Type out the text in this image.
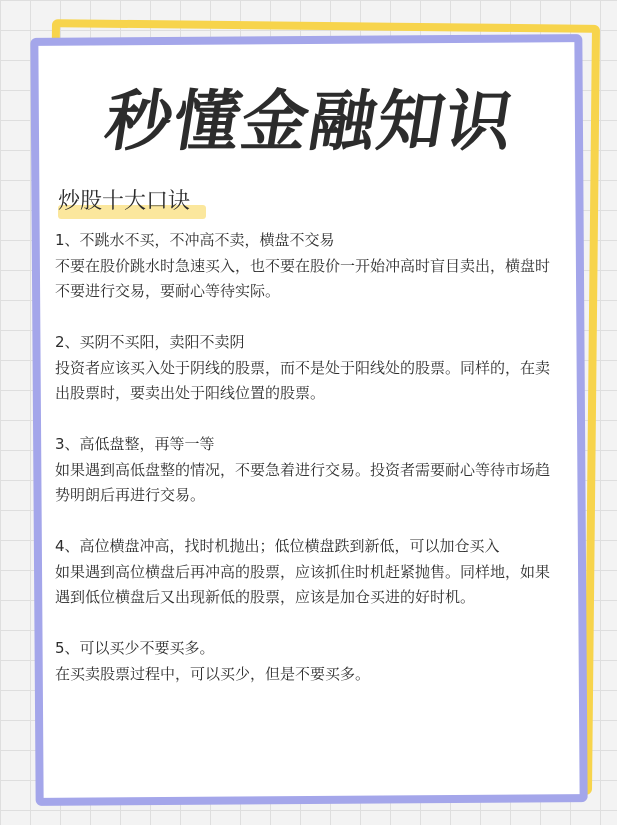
秒懂金融知识
炒股十大口诀

1、不跳水不买，不冲高不卖，横盘不交易

不要在股价跳水时急速买入，也不要在股价一开始冲高时盲目卖出，横盘时不要进行交易，要耐心等待实际。

2、买阴不买阳，卖阳不卖阴

投资者应该买入处于阴线的股票，而不是处于阳线处的股票。同样的，在卖出股票时，要卖出处于阳线位置的股票。

3、高低盘整，再等一等

如果遇到高低盘整的情况，不要急着进行交易。投资者需要耐心等待市场趋势明朗后再进行交易。

4、高位横盘冲高，找时机抛出；低位横盘跌到新低，可以加仓买入

如果遇到高位横盘后再冲高的股票，应该抓住时机赶紧抛售。同样地，如果遇到低位横盘后又出现新低的股票，应该是加仓买进的好时机。

5、可以买少不要买多。

在买卖股票过程中，可以买少，但是不要买多。
